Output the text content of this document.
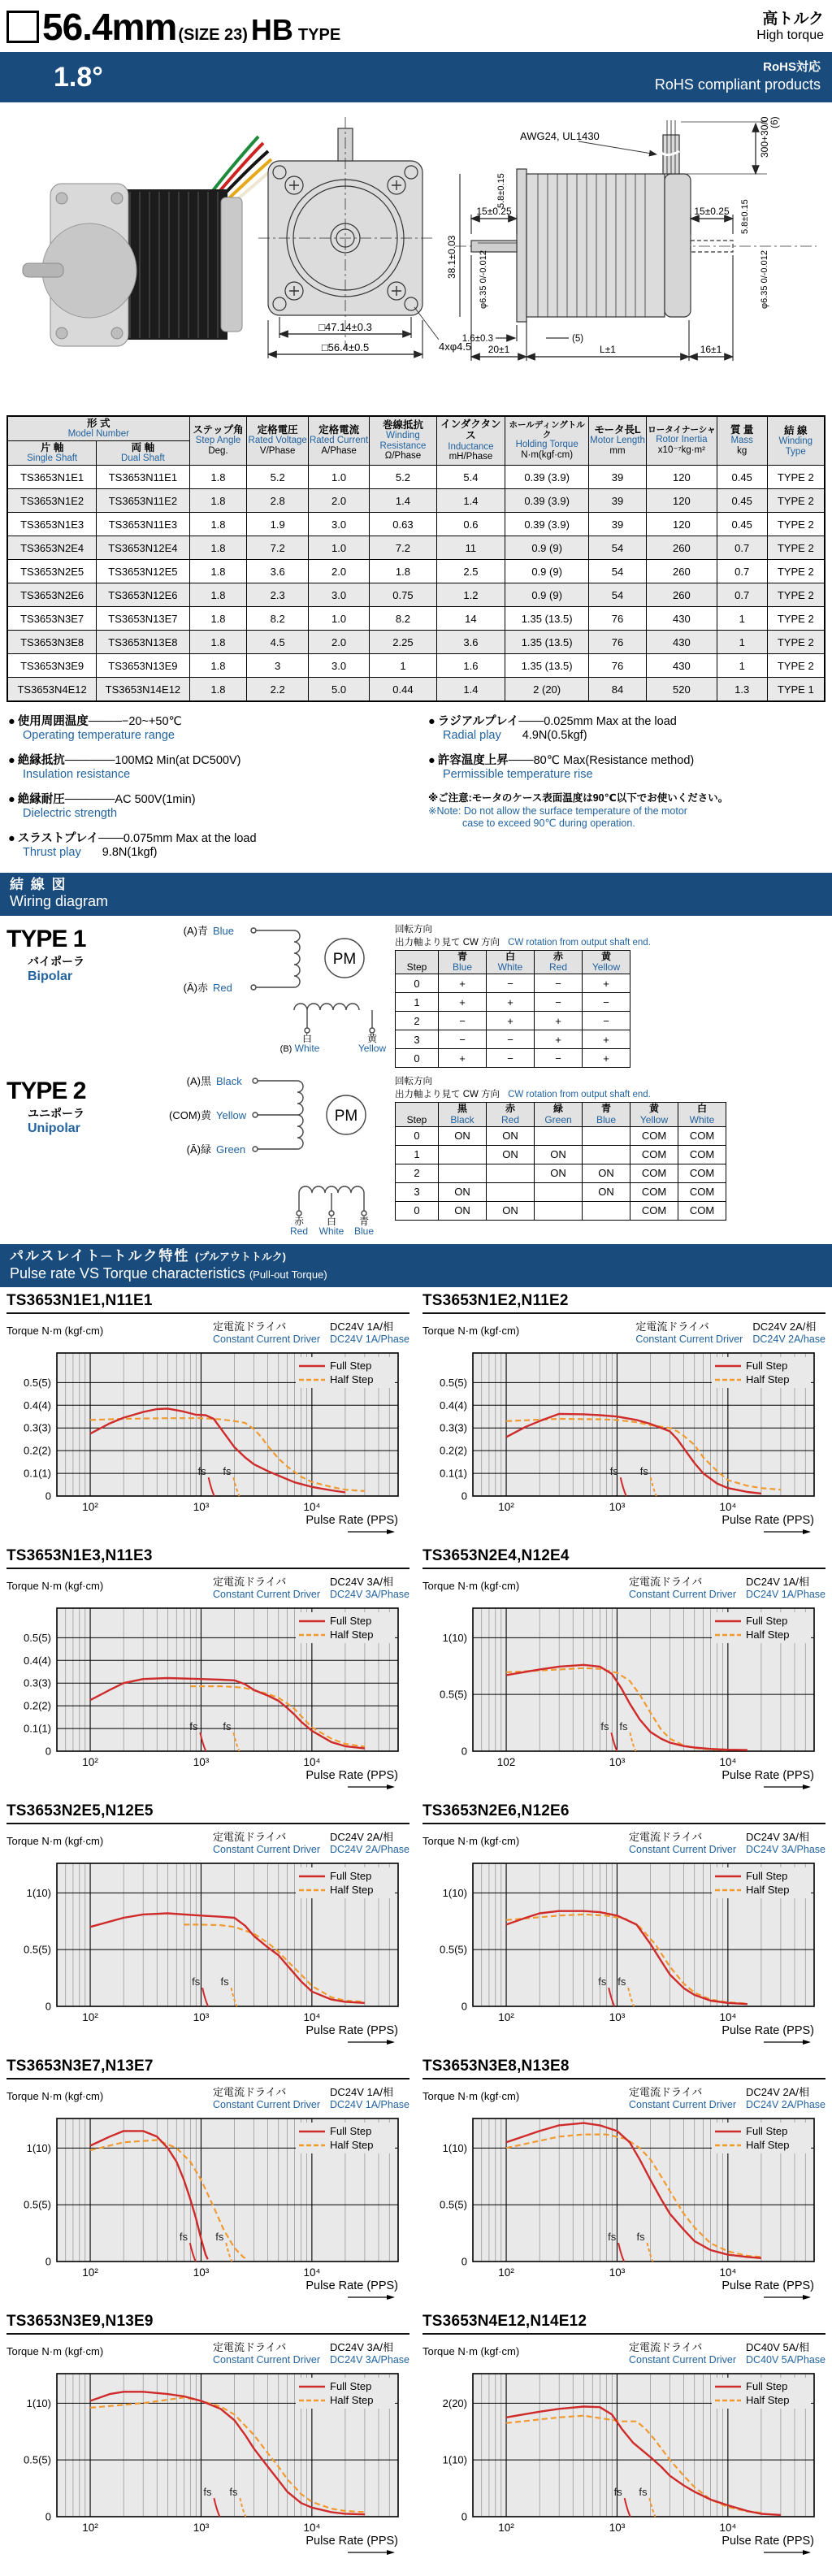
56.4mm (SIZE 23) HB TYPE
高トルク
High torque
1.8°	RoHS対応
RoHS compliant products
□47.14±0.3
□56.4±0.5	4xφ4.5
AWG24, UL1430	300+30/0
(6)
15±0.25
38.1±0.03 φ6.35 0/-0.012
5.8±0.15
15±0.25 5.8±0.15
φ6.35 0/-0.012
1.6±0.3	(5)
20±1	L±1	16±1
形 式
Model Number		ステップ角
Step Angle
Deg.	定格電圧
Rated Voltage
V/Phase	定格電流
Rated Current
A/Phase	巻線抵抗
Winding Resistance
Ω/Phase	インダクタンス
Inductance
mH/Phase	ホールディングトルク
Holding Torque
N·m(kgf·cm)	モータ長L
Motor Length
mm	ロータイナーシャ
Rotor Inertia
x10⁻⁷kg·m²	質 量
Mass
kg	結 線
Winding Type

片 軸
Single Shaft	両 軸
Dual Shaft										

TS3653N1E1	TS3653N11E1	1.8	5.2	1.0	5.2	5.4	0.39 (3.9)	39	120	0.45	TYPE 2
TS3653N1E2	TS3653N11E2	1.8	2.8	2.0	1.4	1.4	0.39 (3.9)	39	120	0.45	TYPE 2
TS3653N1E3	TS3653N11E3	1.8	1.9	3.0	0.63	0.6	0.39 (3.9)	39	120	0.45	TYPE 2
TS3653N2E4	TS3653N12E4	1.8	7.2	1.0	7.2	11	0.9 (9)	54	260	0.7	TYPE 2
TS3653N2E5	TS3653N12E5	1.8	3.6	2.0	1.8	2.5	0.9 (9)	54	260	0.7	TYPE 2
TS3653N2E6	TS3653N12E6	1.8	2.3	3.0	0.75	1.2	0.9 (9)	54	260	0.7	TYPE 2
TS3653N3E7	TS3653N13E7	1.8	8.2	1.0	8.2	14	1.35 (13.5)	76	430	1	TYPE 2
TS3653N3E8	TS3653N13E8	1.8	4.5	2.0	2.25	3.6	1.35 (13.5)	76	430	1	TYPE 2
TS3653N3E9	TS3653N13E9	1.8	3	3.0	1	1.6	1.35 (13.5)	76	430	1	TYPE 2
TS3653N4E12	TS3653N14E12	1.8	2.2	5.0	0.44	1.4	2 (20)	84	520	1.3	TYPE 1
● 使用周囲温度────−20~+50℃
Operating temperature range
● 絶縁抵抗──────100MΩ Min(at DC500V)
Insulation resistance
● 絶縁耐圧──────AC 500V(1min)
Dielectric strength
● スラストプレイ───0.075mm Max at the load
Thrust play 9.8N(1kgf)
● ラジアルプレイ───0.025mm Max at the load
Radial play 4.9N(0.5kgf)
● 許容温度上昇───80℃ Max(Resistance method)
Permissible temperature rise
※ご注意:モータのケース表面温度は90℃以下でお使いください。
※Note: Do not allow the surface temperature of the motor
case to exceed 90℃ during operation.
結 線 図
Wiring diagram
TYPE 1
バイポーラ
Bipolar
PM
(A)青 Blue
(Ā)赤 Red
白
White
(B)
黄
Yellow
回転方向
出力軸より見て CW 方向 CW rotation from output shaft end.
Step	青
Blue	白
White	赤
Red	黄
Yellow

0	+	−	−	+
1	+	+	−	−
2	−	+	+	−
3	−	−	+	+
0	+	−	−	+
TYPE 2
ユニポーラ
Unipolar
PM
(A)黒 Black
(COM)黄 Yellow
(Ā)緑 Green
赤
Red
白
White
青
Blue
回転方向
出力軸より見て CW 方向 CW rotation from output shaft end.
Step	黒
Black	赤
Red	緑
Green	青
Blue	黄
Yellow	白
White

0	ON	ON			COM	COM
1		ON	ON		COM	COM
2			ON	ON	COM	COM
3	ON			ON	COM	COM
0	ON	ON			COM	COM
パルスレイト─トルク特性 (プルアウトトルク)
Pulse rate VS Torque characteristics (Pull-out Torque)
TS3653N1E1,N11E1
Torque N·m (kgf·cm)	定電流ドライバ
Constant Current Driver
DC24V 1A/相
DC24V 1A/Phase
0
0.1(1)
0.2(2)
0.3(3)
0.4(4)
0.5(5)
10²	10³	10⁴
Pulse Rate (PPS)
Full Step
Half Step
fs fs
TS3653N1E2,N11E2
Torque N·m (kgf·cm)	定電流ドライバ
Constant Current Driver
DC24V 2A/相
DC24V 2A/hase
0
0.1(1)
0.2(2)
0.3(3)
0.4(4)
0.5(5)
10²	10³	10⁴
Pulse Rate (PPS)
Full Step
Half Step
fs fs
TS3653N1E3,N11E3
Torque N·m (kgf·cm)	定電流ドライバ
Constant Current Driver
DC24V 3A/相
DC24V 3A/Phase
0
0.1(1)
0.2(2)
0.3(3)
0.4(4)
0.5(5)
10²	10³	10⁴
Pulse Rate (PPS)
Full Step
Half Step
fs fs
TS3653N2E4,N12E4
Torque N·m (kgf·cm)	定電流ドライバ
Constant Current Driver
DC24V 1A/相
DC24V 1A/Phase
0
0.5(5)
1(10)
102	10³	10⁴
Pulse Rate (PPS)
Full Step
Half Step
fs fs
TS3653N2E5,N12E5
Torque N·m (kgf·cm)	定電流ドライバ
Constant Current Driver
DC24V 2A/相
DC24V 2A/Phase
0
0.5(5)
1(10)
10²	10³	10⁴
Pulse Rate (PPS)
Full Step
Half Step
fs fs
TS3653N2E6,N12E6
Torque N·m (kgf·cm)	定電流ドライバ
Constant Current Driver
DC24V 3A/相
DC24V 3A/Phase
0
0.5(5)
1(10)
10²	10³	10⁴
Pulse Rate (PPS)
Full Step
Half Step
fs fs
TS3653N3E7,N13E7
Torque N·m (kgf·cm)	定電流ドライバ
Constant Current Driver
DC24V 1A/相
DC24V 1A/Phase
0
0.5(5)
1(10)
10²	10³	10⁴
Pulse Rate (PPS)
Full Step
Half Step
fs	fs
TS3653N3E8,N13E8
Torque N·m (kgf·cm)	定電流ドライバ
Constant Current Driver
DC24V 2A/相
DC24V 2A/Phase
0
0.5(5)
1(10)
10²	10³	10⁴
Pulse Rate (PPS)
Full Step
Half Step
fs fs
TS3653N3E9,N13E9
Torque N·m (kgf·cm)	定電流ドライバ
Constant Current Driver
DC24V 3A/相
DC24V 3A/Phase
0
0.5(5)
1(10)
10²	10³	10⁴
Pulse Rate (PPS)
Full Step
Half Step
fs fs
TS3653N4E12,N14E12
Torque N·m (kgf·cm)	定電流ドライバ
Constant Current Driver
DC40V 5A/相
DC40V 5A/Phase
0
1(10)
2(20)
10²	10³	10⁴
Pulse Rate (PPS)
Full Step
Half Step
fs fs
